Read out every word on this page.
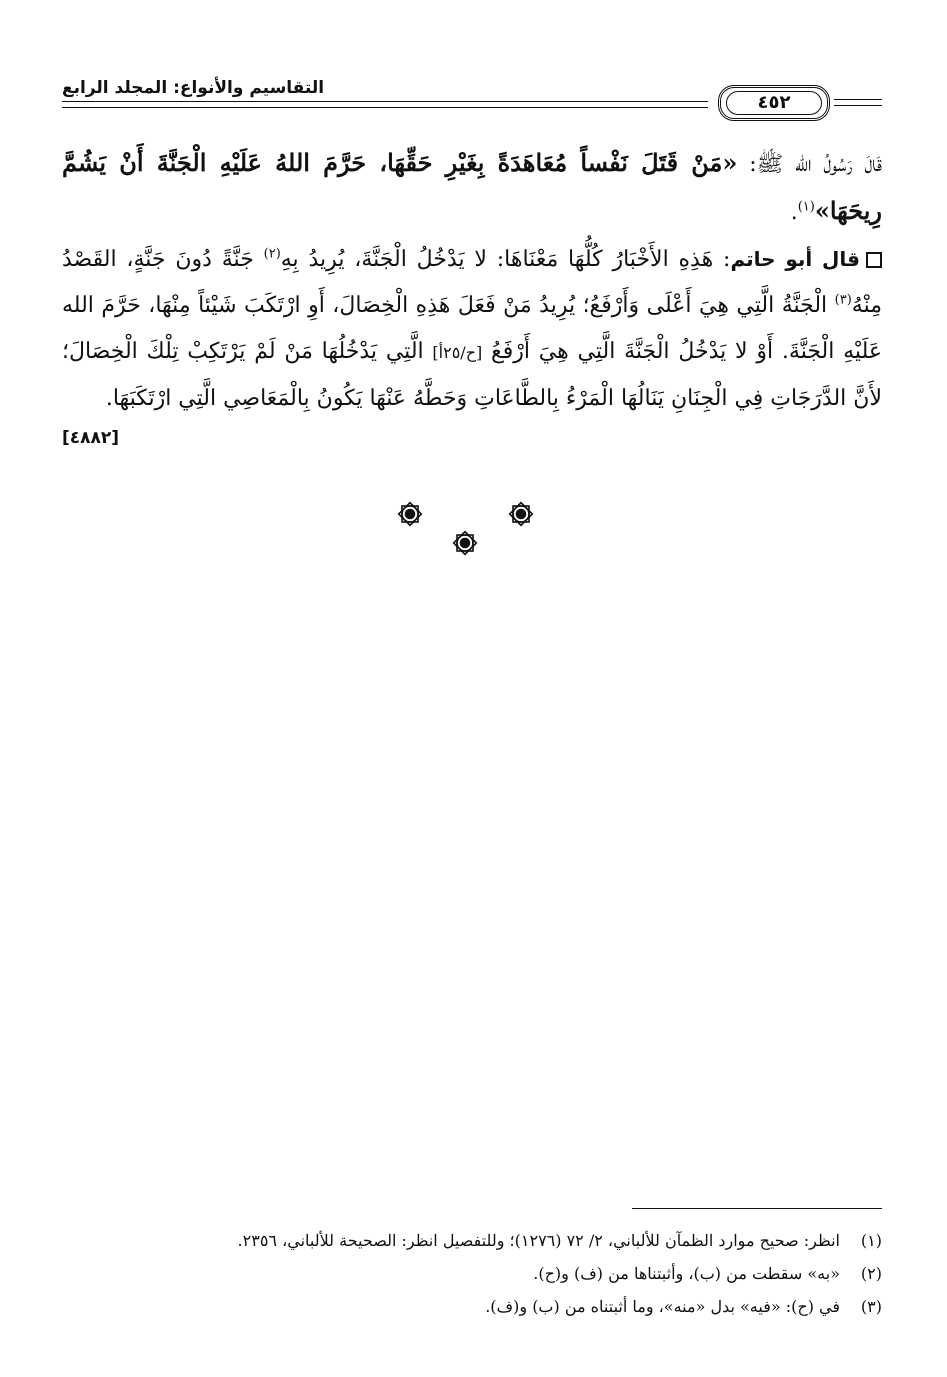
التقاسيم والأنواع: المجلد الرابع
٤٥٢

قَالَ رَسُولُ الله ﷺ: «مَنْ قَتَلَ نَفْساً مُعَاهَدَةً بِغَيْرِ حَقِّهَا، حَرَّمَ اللهُ عَلَيْهِ الْجَنَّةَ أَنْ يَشُمَّ رِيحَهَا»$^{(١)}$.

قال أبو حاتم: هَذِهِ الأَخْبَارُ كُلُّهَا مَعْنَاهَا: لا يَدْخُلُ الْجَنَّةَ، يُرِيدُ بِهِ$^{(٢)}$ جَنَّةً دُونَ جَنَّةٍ، القَصْدُ مِنْهُ$^{(٣)}$ الْجَنَّةُ الَّتِي هِيَ أَعْلَى وَأَرْفَعُ؛ يُرِيدُ مَنْ فَعَلَ هَذِهِ الْخِصَالَ، أَوِ ارْتَكَبَ شَيْئاً مِنْهَا، حَرَّمَ الله عَلَيْهِ الْجَنَّةَ. أَوْ لا يَدْخُلُ الْجَنَّةَ الَّتِي هِيَ أَرْفَعُ [ح/٢٥أ] الَّتِي يَدْخُلُهَا مَنْ لَمْ يَرْتَكِبْ تِلْكَ الْخِصَالَ؛ لأَنَّ الدَّرَجَاتِ فِي الْجِنَانِ يَنَالُهَا الْمَرْءُ بِالطَّاعَاتِ وَحَطَّهُ عَنْهَا يَكُونُ بِالْمَعَاصِي الَّتِي ارْتَكَبَهَا.

[٤٨٨٢]
(١)انظر: صحيح موارد الظمآن للألباني، ٢/ ٧٢ (١٢٧٦)؛ وللتفصيل انظر: الصحيحة للألباني، ٢٣٥٦.
(٢)«به» سقطت من (ب)، وأثبتناها من (ف) و(ح).
(٣)في (ح): «فيه» بدل «منه»، وما أثبتناه من (ب) و(ف).
